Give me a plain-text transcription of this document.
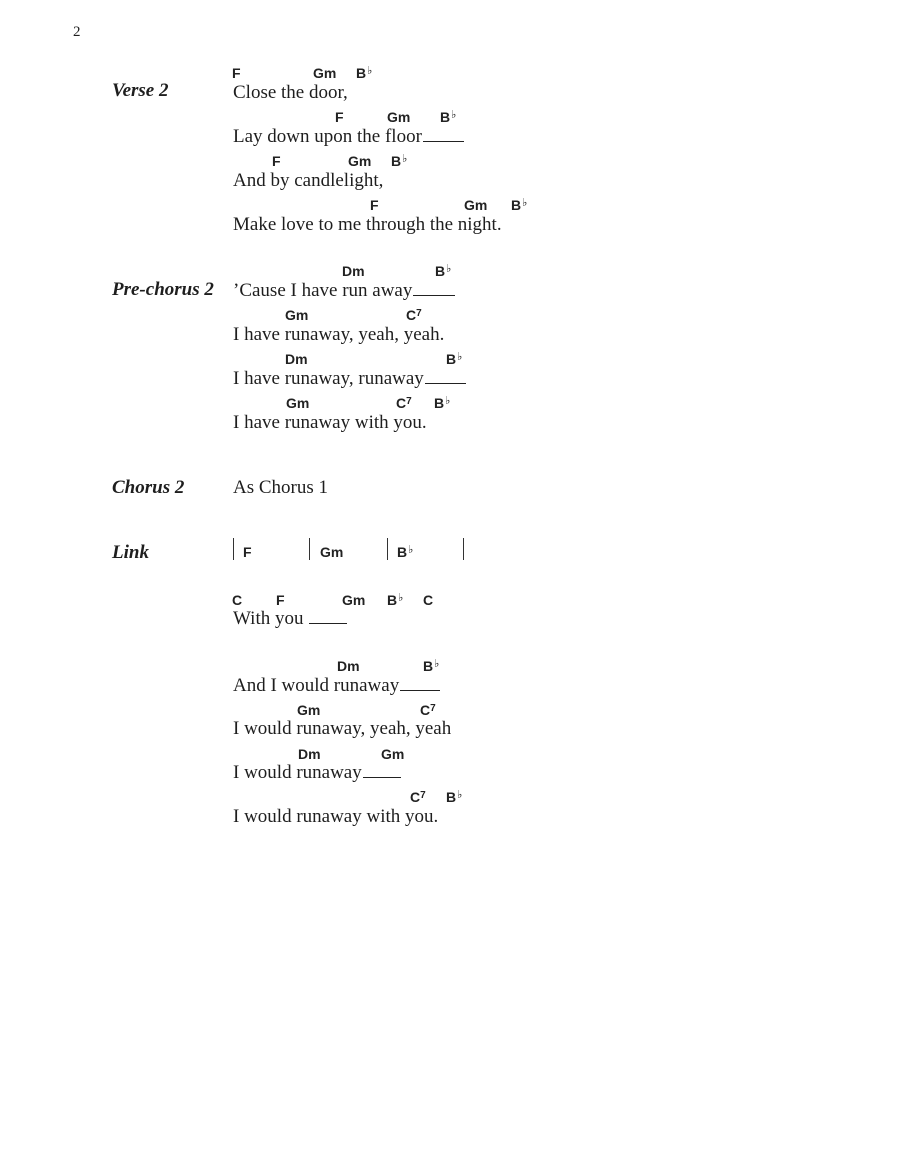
2
Verse 2
F	Gm B♭
Close the door,
F	Gm B♭
Lay down upon the floor
F	Gm B♭
And by candlelight,
F	Gm B♭
Make love to me through the night.
Pre-chorus 2
Dm	B♭
’Cause I have run away
Gm	$C^7$
I have runaway, yeah, yeah.
Dm	B♭
I have runaway, runaway
Gm	$C^7$ B♭
I have runaway with you.
Chorus 2	As Chorus 1
Link	F	Gm	B♭
C F	Gm B♭ C
With you
Dm	B♭
And I would runaway
Gm	$C^7$
I would runaway, yeah, yeah
Dm	Gm
I would runaway
$C^7$ B♭
I would runaway with you.
